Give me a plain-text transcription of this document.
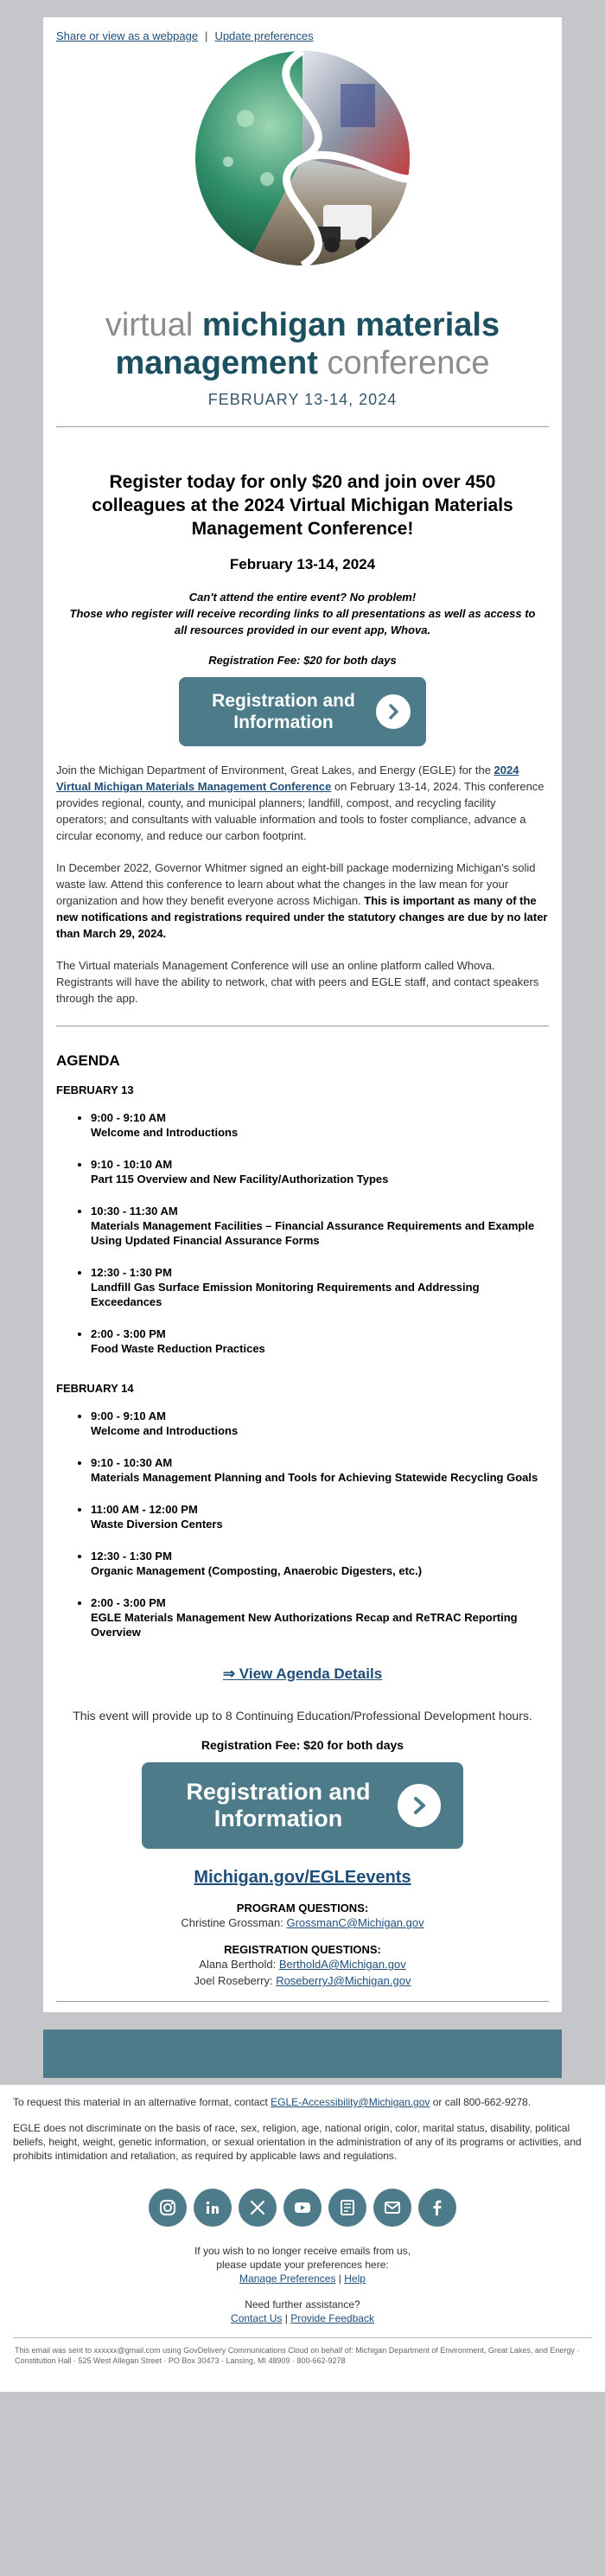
Share or view as a webpage | Update preferences
virtual michigan materials
management conference
FEBRUARY 13-14, 2024
Register today for only $20 and join over 450 colleagues at the 2024 Virtual Michigan Materials Management Conference!
February 13-14, 2024

Can't attend the entire event? No problem!
Those who register will receive recording links to all presentations as well as access to all resources provided in our event app, Whova.

Registration Fee: $20 for both days
Registration and
Information

Join the Michigan Department of Environment, Great Lakes, and Energy (EGLE) for the 2024 Virtual Michigan Materials Management Conference on February 13-14, 2024. This conference provides regional, county, and municipal planners; landfill, compost, and recycling facility operators; and consultants with valuable information and tools to foster compliance, advance a circular economy, and reduce our carbon footprint.

In December 2022, Governor Whitmer signed an eight-bill package modernizing Michigan's solid waste law. Attend this conference to learn about what the changes in the law mean for your organization and how they benefit everyone across Michigan. This is important as many of the new notifications and registrations required under the statutory changes are due by no later than March 29, 2024.

The Virtual materials Management Conference will use an online platform called Whova. Registrants will have the ability to network, chat with peers and EGLE staff, and contact speakers through the app.

AGENDA
FEBRUARY 13
• 9:00 - 9:10 AM
Welcome and Introductions
• 9:10 - 10:10 AM
Part 115 Overview and New Facility/Authorization Types
• 10:30 - 11:30 AM
Materials Management Facilities – Financial Assurance Requirements and Example Using Updated Financial Assurance Forms
• 12:30 - 1:30 PM
Landfill Gas Surface Emission Monitoring Requirements and Addressing Exceedances
• 2:00 - 3:00 PM
Food Waste Reduction Practices
FEBRUARY 14
• 9:00 - 9:10 AM
Welcome and Introductions
• 9:10 - 10:30 AM
Materials Management Planning and Tools for Achieving Statewide Recycling Goals
• 11:00 AM - 12:00 PM
Waste Diversion Centers
• 12:30 - 1:30 PM
Organic Management (Composting, Anaerobic Digesters, etc.)
• 2:00 - 3:00 PM
EGLE Materials Management New Authorizations Recap and ReTRAC Reporting Overview
⇒ View Agenda Details

This event will provide up to 8 Continuing Education/Professional Development hours.

Registration Fee: $20 for both days
Registration and
Information
Michigan.gov/EGLEevents

PROGRAM QUESTIONS:

Christine Grossman: GrossmanC@Michigan.gov

REGISTRATION QUESTIONS:

Alana Berthold: BertholdA@Michigan.gov

Joel Roseberry: RoseberryJ@Michigan.gov

To request this material in an alternative format, contact EGLE-Accessibility@Michigan.gov or call 800-662-9278.

EGLE does not discriminate on the basis of race, sex, religion, age, national origin, color, marital status, disability, political beliefs, height, weight, genetic information, or sexual orientation in the administration of any of its programs or activities, and prohibits intimidation and retaliation, as required by applicable laws and regulations.

If you wish to no longer receive emails from us,
please update your preferences here:
Manage Preferences | Help

Need further assistance?
Contact Us | Provide Feedback

This email was sent to xxxxxx@gmail.com using GovDelivery Communications Cloud on behalf of: Michigan Department of Environment, Great Lakes, and Energy · Constitution Hall · 525 West Allegan Street · PO Box 30473 · Lansing, MI 48909 · 800-662-9278
